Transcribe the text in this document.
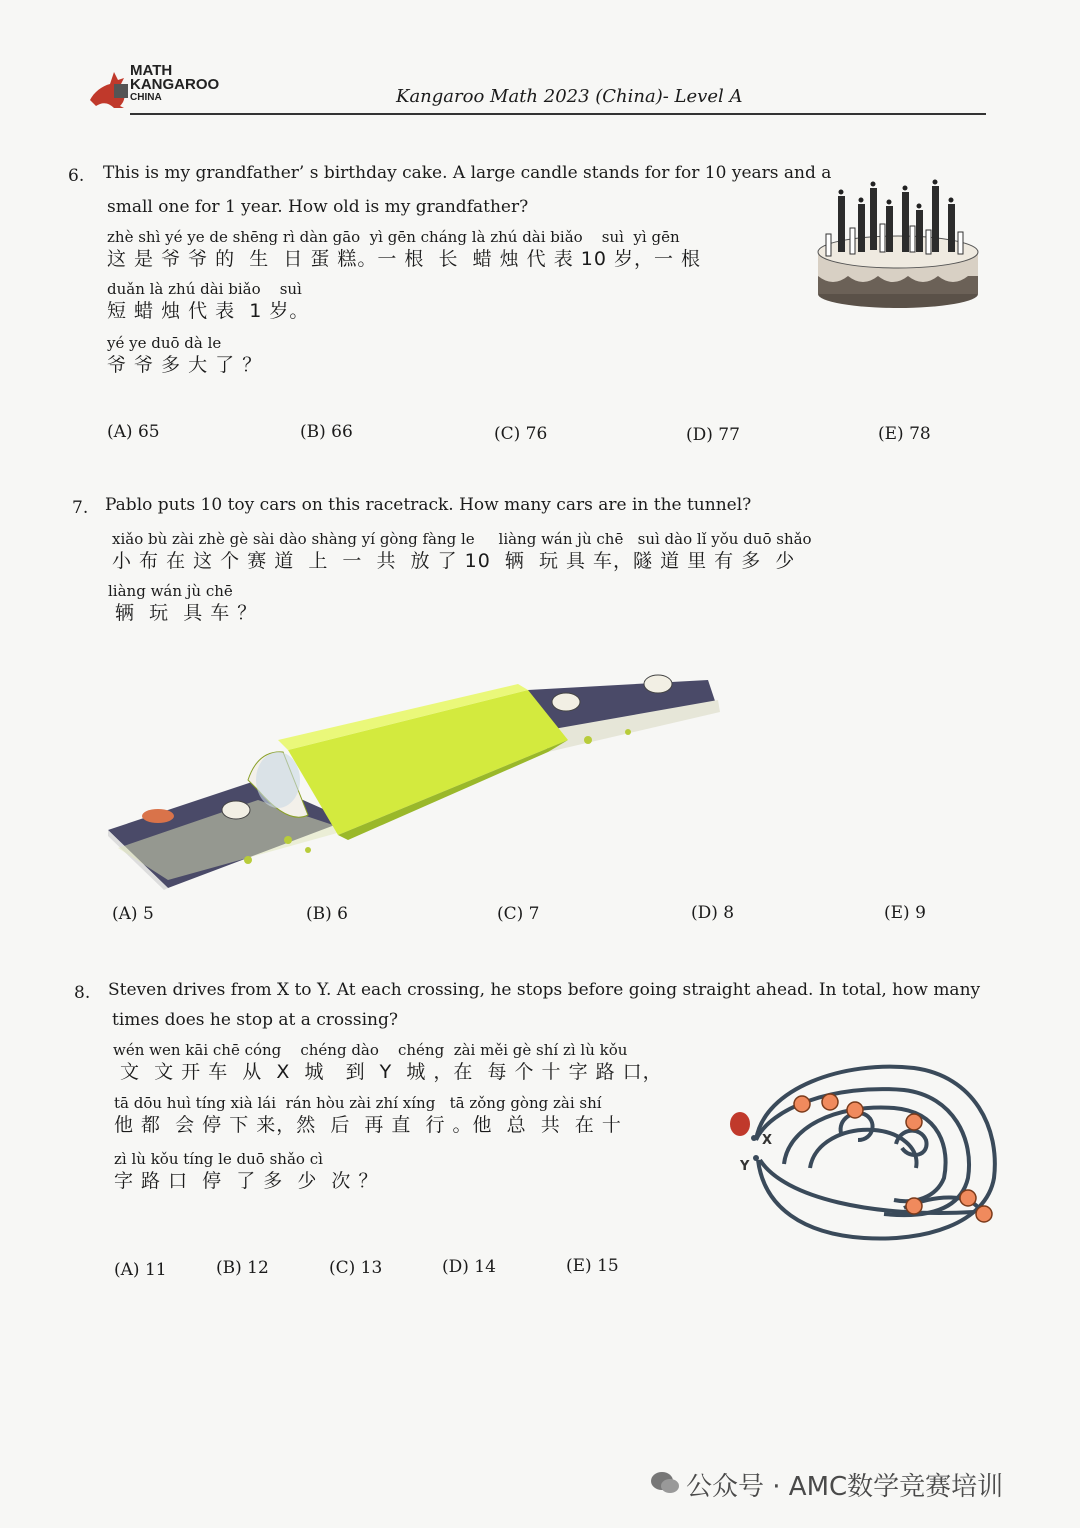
MATH
KANGAROO
CHINA	Kangaroo Math 2023 (China)- Level A
6. This is my grandfather’ s birthday cake. A large candle stands for for 10 years and a
small one for 1 year. How old is my grandfather?
zhè shì yé ye de shēng rì dàn gāo  yì gēn cháng là zhú dài biǎo    suì  yì gēn
这 是 爷 爷 的  生  日 蛋 糕。一 根  长  蜡 烛 代 表 10 岁，一 根
duǎn là zhú dài biǎo    suì
短 蜡 烛 代 表  1 岁。
yé ye duō dà le
爷 爷 多 大 了 ？
(A) 65	(B) 66	(C) 76	(D) 77	(E) 78
7. Pablo puts 10 toy cars on this racetrack. How many cars are in the tunnel?
xiǎo bù zài zhè gè sài dào shàng yí gòng fàng le     liàng wán jù chē   suì dào lǐ yǒu duō shǎo
小 布 在 这 个 赛 道  上  一  共  放 了 10  辆  玩 具 车，隧 道 里 有 多  少
liàng wán jù chē
辆  玩  具 车 ？
(A) 5	(B) 6	(C) 7	(D) 8	(E) 9
8. Steven drives from X to Y. At each crossing, he stops before going straight ahead. In total, how many
times does he stop at a crossing?
wén wen kāi chē cóng    chéng dào    chéng  zài měi gè shí zì lù kǒu
文  文 开 车  从  X  城   到  Y  城 ，在  每 个 十 字 路 口，
tā dōu huì tíng xià lái  rán hòu zài zhí xíng   tā zǒng gòng zài shí
他 都  会 停 下 来，然  后  再 直  行 。他  总  共  在 十
zì lù kǒu tíng le duō shǎo cì
字 路 口  停  了 多  少  次 ？
X
Y
(A) 11	(B) 12	(C) 13	(D) 14	(E) 15
公众号 · AMC数学竞赛培训
